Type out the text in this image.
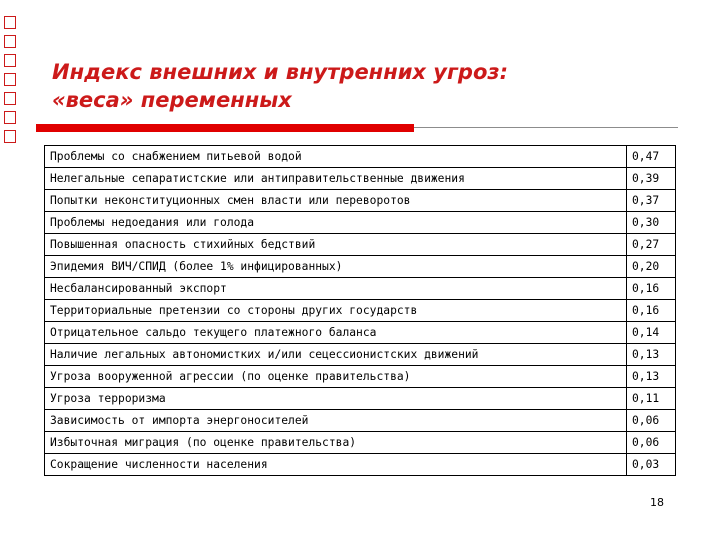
Индекс внешних и внутренних угроз:
«веса» переменных
Проблемы со снабжением питьевой водой	0,47
Нелегальные сепаратистские или антиправительственные движения	0,39
Попытки неконституционных смен власти или переворотов	0,37
Проблемы недоедания или голода	0,30
Повышенная опасность стихийных бедствий	0,27
Эпидемия ВИЧ/СПИД (более 1% инфицированных)	0,20
Несбалансированный экспорт	0,16
Территориальные претензии со стороны других государств	0,16
Отрицательное сальдо текущего платежного баланса	0,14
Наличие легальных автономистких и/или сецессионистских движений	0,13
Угроза вооруженной агрессии (по оценке правительства)	0,13
Угроза терроризма	0,11
Зависимость от импорта энергоносителей	0,06
Избыточная миграция (по оценке правительства)	0,06
Сокращение численности населения	0,03
18
